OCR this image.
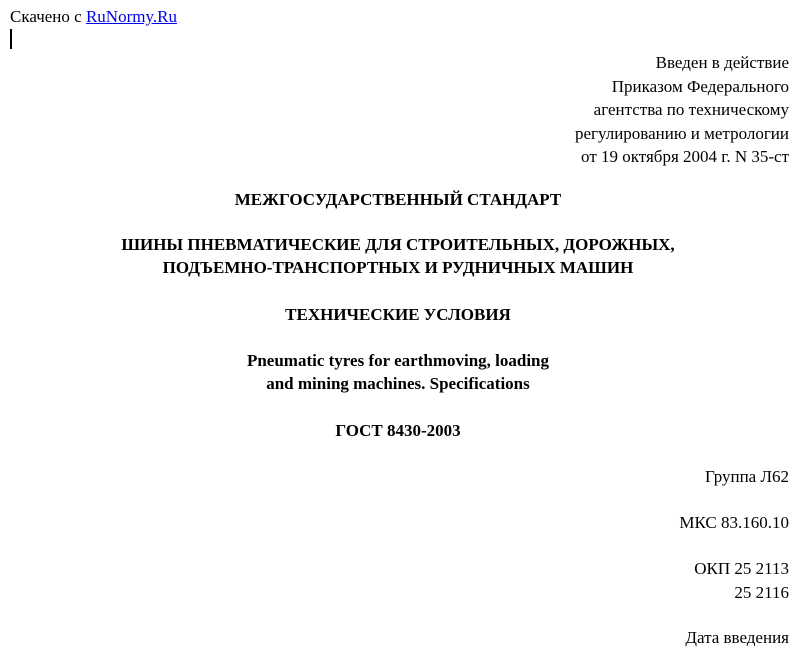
Скачено с RuNormy.Ru
Введен в действие
Приказом Федерального
агентства по техническому
регулированию и метрологии
от 19 октября 2004 г. N 35-ст
МЕЖГОСУДАРСТВЕННЫЙ СТАНДАРТ
ШИНЫ ПНЕВМАТИЧЕСКИЕ ДЛЯ СТРОИТЕЛЬНЫХ, ДОРОЖНЫХ,
ПОДЪЕМНО-ТРАНСПОРТНЫХ И РУДНИЧНЫХ МАШИН
ТЕХНИЧЕСКИЕ УСЛОВИЯ
Pneumatic tyres for earthmoving, loading
and mining machines. Specifications
ГОСТ 8430-2003
Группа Л62
МКС 83.160.10
ОКП 25 2113
25 2116
Дата введения
